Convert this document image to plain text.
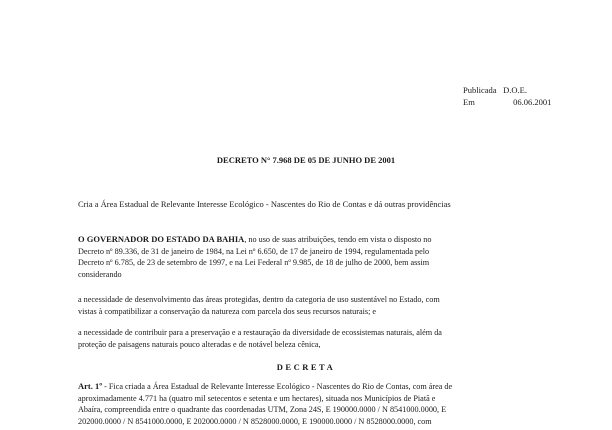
Publicada D.O.E.
Em	06.06.2001
DECRETO N° 7.968 DE 05 DE JUNHO DE 2001
Cria a Área Estadual de Relevante Interesse Ecológico - Nascentes do Rio de Contas e dá outras providências
O GOVERNADOR DO ESTADO DA BAHIA, no uso de suas atribuições, tendo em vista o disposto no
Decreto nº 89.336, de 31 de janeiro de 1984, na Lei nº 6.650, de 17 de janeiro de 1994, regulamentada pelo
Decreto nº 6.785, de 23 de setembro de 1997, e na Lei Federal nº 9.985, de 18 de julho de 2000, bem assim
considerando
a necessidade de desenvolvimento das áreas protegidas, dentro da categoria de uso sustentável no Estado, com
vistas à compatibilizar a conservação da natureza com parcela dos seus recursos naturais; e
a necessidade de contribuir para a preservação e a restauração da diversidade de ecossistemas naturais, além da
proteção de paisagens naturais pouco alteradas e de notável beleza cênica,
DECRETA
Art. 1º - Fica criada a Área Estadual de Relevante Interesse Ecológico - Nascentes do Rio de Contas, com área de
aproximadamente 4.771 ha (quatro mil setecentos e setenta e um hectares), situada nos Municípios de Piatã e
Abaíra, compreendida entre o quadrante das coordenadas UTM, Zona 24S, E 190000.0000 / N 8541000.0000, E
202000.0000 / N 8541000.0000, E 202000.0000 / N 8528000.0000, E 190000.0000 / N 8528000.0000, com
